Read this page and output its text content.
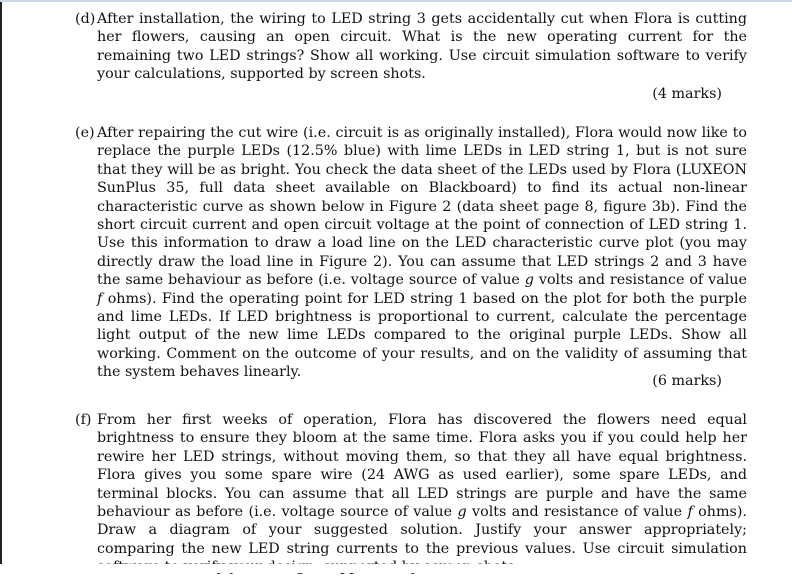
(d) After installation, the wiring to LED string 3 gets accidentally cut when Flora is cutting her flowers, causing an open circuit. What is the new operating current for the remaining two LED strings? Show all working. Use circuit simulation software to verify your calculations, supported by screen shots.
(4 marks)
(e) After repairing the cut wire (i.e. circuit is as originally installed), Flora would now like to replace the purple LEDs (12.5% blue) with lime LEDs in LED string 1, but is not sure that they will be as bright. You check the data sheet of the LEDs used by Flora (LUXEON SunPlus 35, full data sheet available on Blackboard) to find its actual non-linear characteristic curve as shown below in Figure 2 (data sheet page 8, figure 3b). Find the short circuit current and open circuit voltage at the point of connection of LED string 1. Use this information to draw a load line on the LED characteristic curve plot (you may directly draw the load line in Figure 2). You can assume that LED strings 2 and 3 have the same behaviour as before (i.e. voltage source of value g volts and resistance of value f ohms). Find the operating point for LED string 1 based on the plot for both the purple and lime LEDs. If LED brightness is proportional to current, calculate the percentage light output of the new lime LEDs compared to the original purple LEDs. Show all working. Comment on the outcome of your results, and on the validity of assuming that the system behaves linearly.
(6 marks)
(f) From her first weeks of operation, Flora has discovered the flowers need equal brightness to ensure they bloom at the same time. Flora asks you if you could help her rewire her LED strings, without moving them, so that they all have equal brightness. Flora gives you some spare wire (24 AWG as used earlier), some spare LEDs, and terminal blocks. You can assume that all LED strings are purple and have the same behaviour as before (i.e. voltage source of value g volts and resistance of value f ohms). Draw a diagram of your suggested solution. Justify your answer appropriately; comparing the new LED string currents to the previous values. Use circuit simulation
